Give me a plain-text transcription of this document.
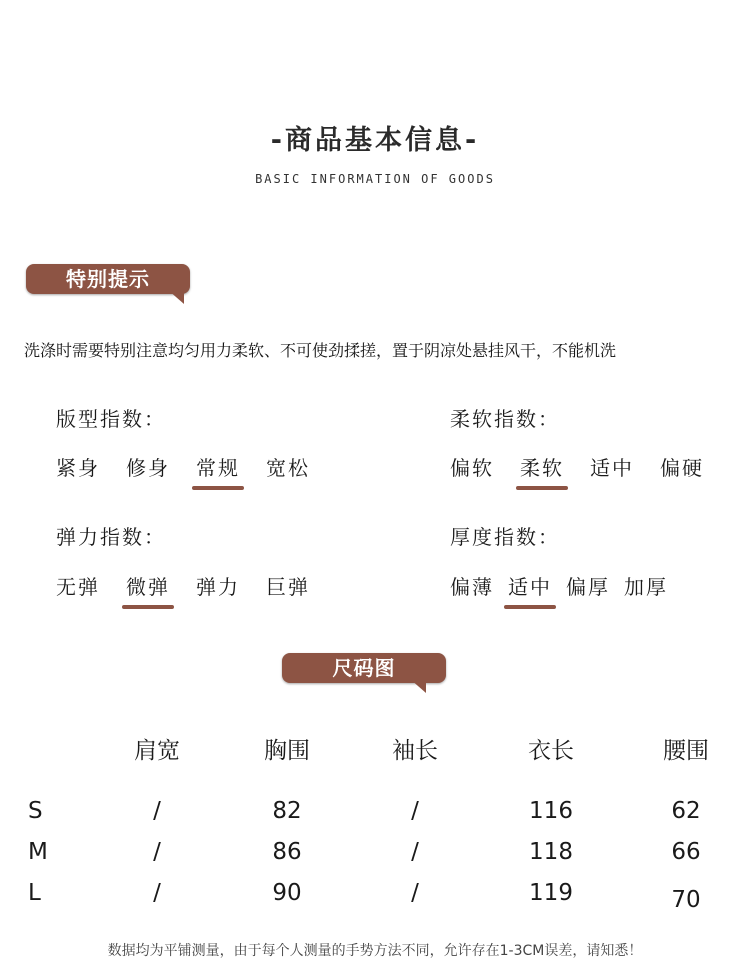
-商品基本信息-
BASIC INFORMATION OF GOODS
特别提示
洗涤时需要特别注意均匀用力柔软、不可使劲揉搓，置于阴凉处悬挂风干，不能机洗
版型指数：
紧身 修身 常规 宽松
柔软指数：
偏软 柔软 适中 偏硬
弹力指数：
无弹 微弹 弹力 巨弹
厚度指数：
偏薄 适中 偏厚 加厚
尺码图
	肩宽	胸围	袖长	衣长	腰围

S	/	82	/	116	62
M	/	86	/	118	66
L	/	90	/	119	70
数据均为平铺测量，由于每个人测量的手势方法不同，允许存在1-3CM误差，请知悉！
